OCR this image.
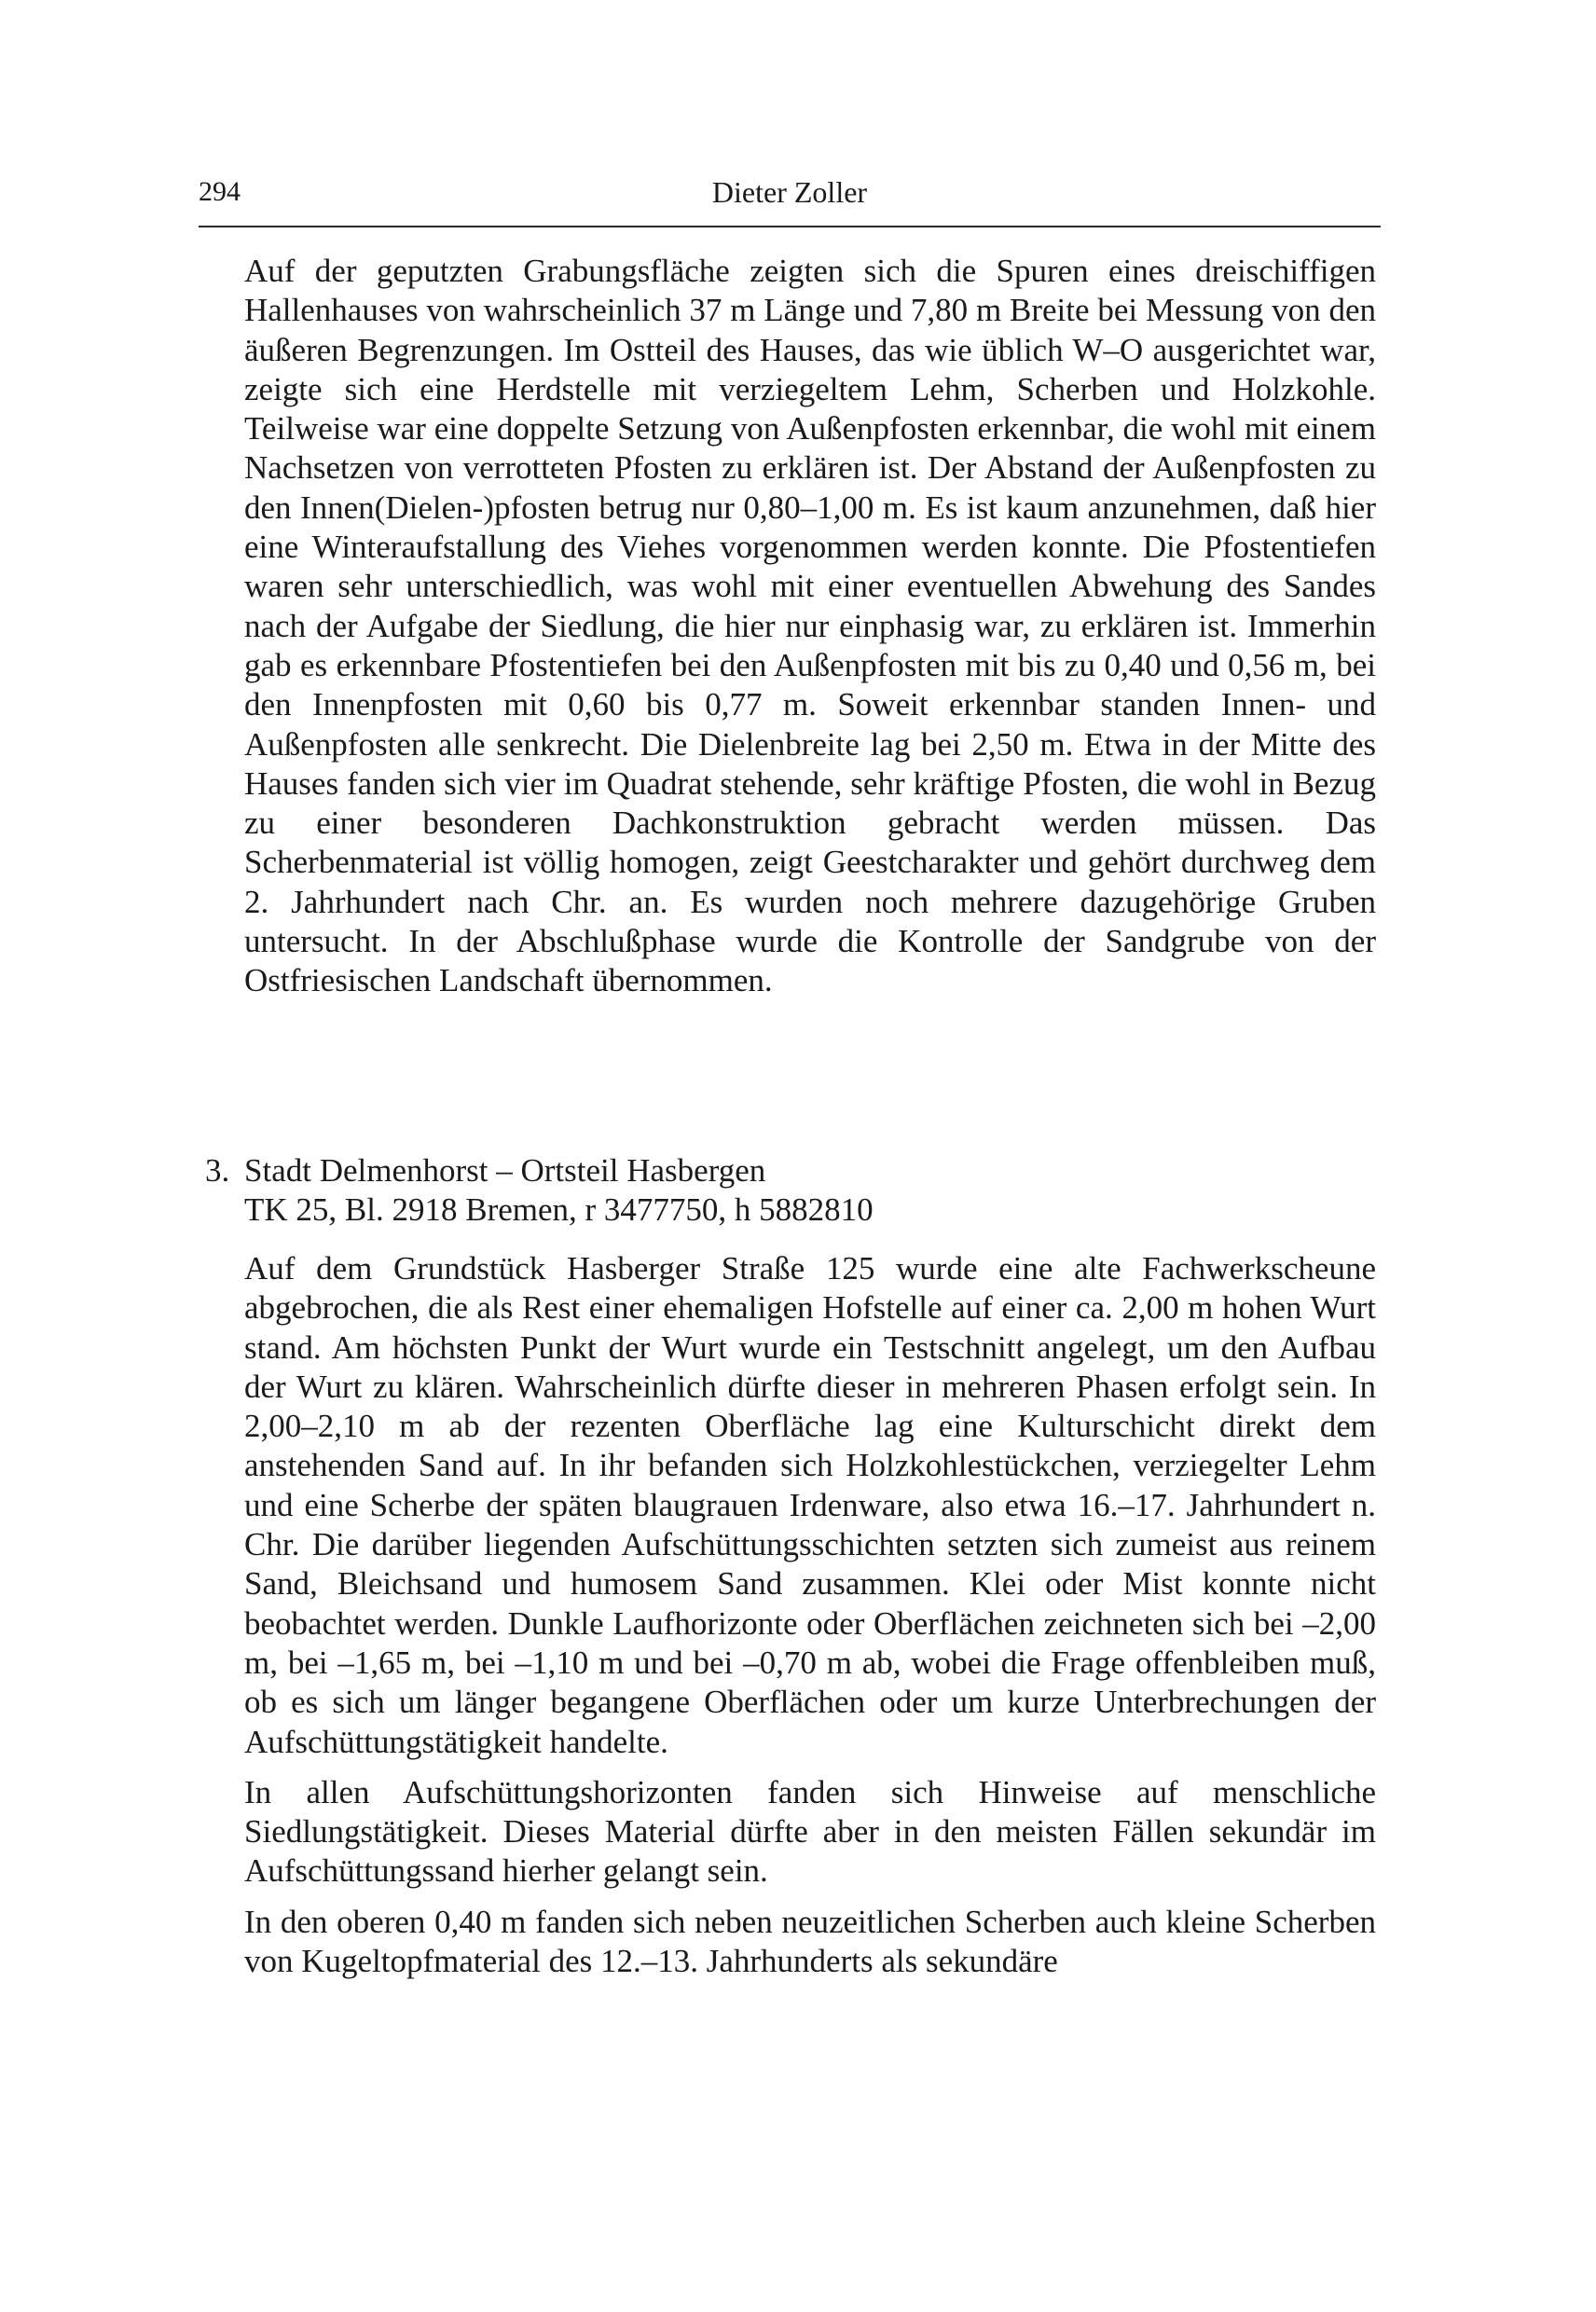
294	Dieter Zoller

Auf der geputzten Grabungsfläche zeigten sich die Spuren eines dreischiffigen Hallenhauses von wahrscheinlich 37 m Länge und 7,80 m Breite bei Messung von den äußeren Begrenzungen. Im Ostteil des Hauses, das wie üblich W–O ausgerichtet war, zeigte sich eine Herdstelle mit verziegeltem Lehm, Scherben und Holzkohle. Teilweise war eine doppelte Setzung von Außenpfosten erkennbar, die wohl mit einem Nachsetzen von verrotteten Pfosten zu erklären ist. Der Abstand der Außenpfosten zu den Innen(Dielen-)pfosten betrug nur 0,80–1,00 m. Es ist kaum anzunehmen, daß hier eine Winteraufstallung des Viehes vorgenommen werden konnte. Die Pfostentiefen waren sehr unterschiedlich, was wohl mit einer eventuellen Abwehung des Sandes nach der Aufgabe der Siedlung, die hier nur einphasig war, zu erklären ist. Immerhin gab es erkennbare Pfostentiefen bei den Außenpfosten mit bis zu 0,40 und 0,56 m, bei den Innenpfosten mit 0,60 bis 0,77 m. Soweit erkennbar standen Innen- und Außenpfosten alle senkrecht. Die Dielenbreite lag bei 2,50 m. Etwa in der Mitte des Hauses fanden sich vier im Quadrat stehende, sehr kräftige Pfosten, die wohl in Bezug zu einer besonderen Dachkonstruktion gebracht werden müssen. Das Scherbenmaterial ist völlig homogen, zeigt Geestcharakter und gehört durchweg dem 2. Jahrhundert nach Chr. an. Es wurden noch mehrere dazugehörige Gruben untersucht. In der Abschlußphase wurde die Kontrolle der Sandgrube von der Ostfriesischen Landschaft übernommen.

3. Stadt Delmenhorst – Ortsteil Hasbergen
TK 25, Bl. 2918 Bremen, r 3477750, h 5882810

Auf dem Grundstück Hasberger Straße 125 wurde eine alte Fachwerkscheune abgebrochen, die als Rest einer ehemaligen Hofstelle auf einer ca. 2,00 m hohen Wurt stand. Am höchsten Punkt der Wurt wurde ein Testschnitt angelegt, um den Aufbau der Wurt zu klären. Wahrscheinlich dürfte dieser in mehreren Phasen erfolgt sein. In 2,00–2,10 m ab der rezenten Oberfläche lag eine Kulturschicht direkt dem anstehenden Sand auf. In ihr befanden sich Holzkohlestückchen, verziegelter Lehm und eine Scherbe der späten blaugrauen Irdenware, also etwa 16.–17. Jahrhundert n. Chr. Die darüber liegenden Aufschüttungsschichten setzten sich zumeist aus reinem Sand, Bleichsand und humosem Sand zusammen. Klei oder Mist konnte nicht beobachtet werden. Dunkle Laufhorizonte oder Oberflächen zeichneten sich bei –2,00 m, bei –1,65 m, bei –1,10 m und bei –0,70 m ab, wobei die Frage offenbleiben muß, ob es sich um länger begangene Oberflächen oder um kurze Unterbrechungen der Aufschüttungstätigkeit handelte.

In allen Aufschüttungshorizonten fanden sich Hinweise auf menschliche Siedlungstätigkeit. Dieses Material dürfte aber in den meisten Fällen sekundär im Aufschüttungssand hierher gelangt sein.

In den oberen 0,40 m fanden sich neben neuzeitlichen Scherben auch kleine Scherben von Kugeltopfmaterial des 12.–13. Jahrhunderts als sekundäre
